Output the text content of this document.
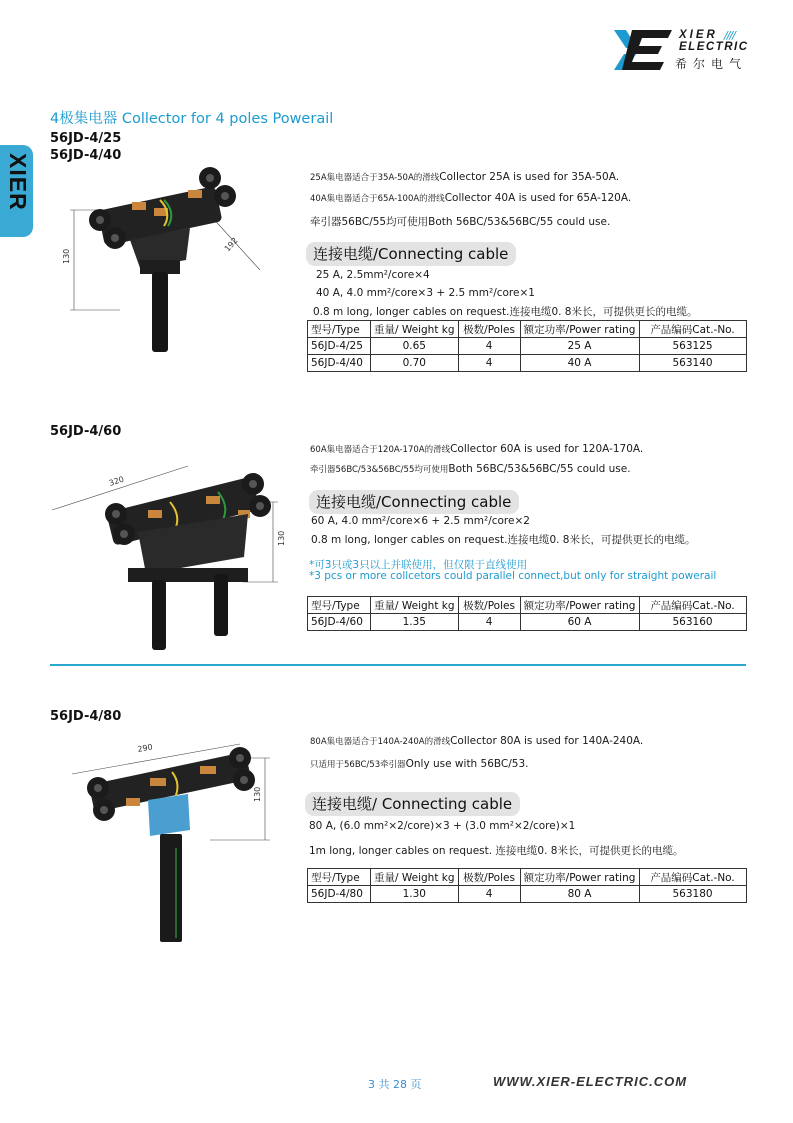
XIER ////
ELECTRIC
希尔电气
XIER
4极集电器 Collector for 4 poles Powerail
56JD-4/25
56JD-4/40
130
192
25A集电器适合于35A-50A的滑线Collector 25A is used for 35A-50A.
40A集电器适合于65A-100A的滑线Collector 40A is used for 65A-120A.
牵引器56BC/55均可使用Both 56BC/53&56BC/55 could use.
连接电缆/Connecting cable
25 A, 2.5mm²/core×4
40 A, 4.0 mm²/core×3 + 2.5 mm²/core×1
0.8 m long, longer cables on request.连接电缆0. 8米长，可提供更长的电缆。
型号/Type	重量/ Weight kg	极数/Poles	额定功率/Power rating	产品编码Cat.-No.
56JD-4/25	0.65	4	25 A	563125
56JD-4/40	0.70	4	40 A	563140
56JD-4/60
320
130
60A集电器适合于120A-170A的滑线Collector 60A is used for 120A-170A.
牵引器56BC/53&56BC/55均可使用Both 56BC/53&56BC/55 could use.
连接电缆/Connecting cable
60 A, 4.0 mm²/core×6 + 2.5 mm²/core×2
0.8 m long, longer cables on request.连接电缆0. 8米长，可提供更长的电缆。
*可3只或3只以上并联使用，但仅限于直线使用
*3 pcs or more collcetors could parallel connect,but only for straight powerail
型号/Type	重量/ Weight kg	极数/Poles	额定功率/Power rating	产品编码Cat.-No.
56JD-4/60	1.35	4	60 A	563160
56JD-4/80
290
130
80A集电器适合于140A-240A的滑线Collector 80A is used for 140A-240A.
只适用于56BC/53牵引器Only use with 56BC/53.
连接电缆/ Connecting cable
80 A, (6.0 mm²×2/core)×3 + (3.0 mm²×2/core)×1
1m long, longer cables on request. 连接电缆0. 8米长，可提供更长的电缆。
型号/Type	重量/ Weight kg	极数/Poles	额定功率/Power rating	产品编码Cat.-No.
56JD-4/80	1.30	4	80 A	563180
3 共 28 页	WWW.XIER-ELECTRIC.COM
